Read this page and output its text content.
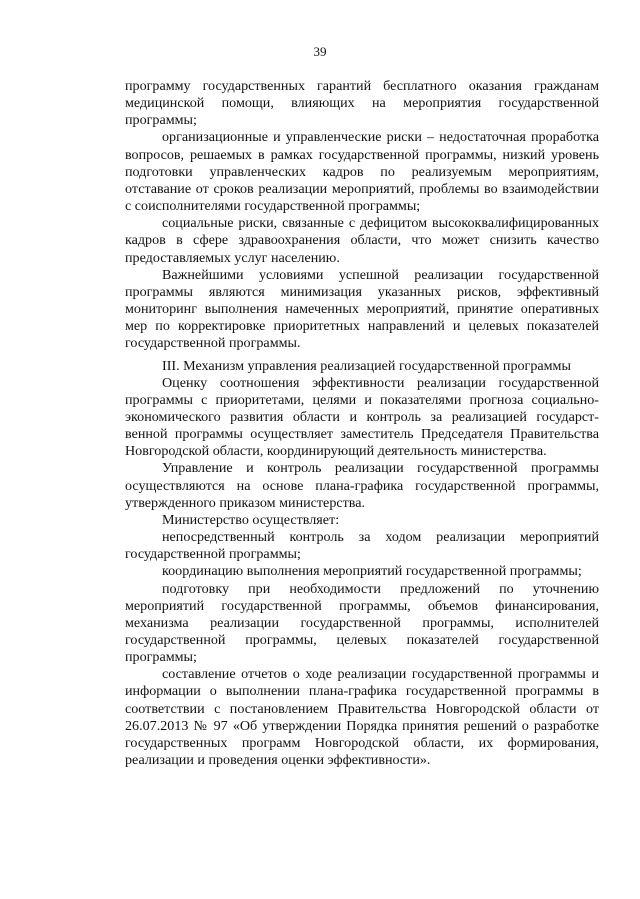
39

программу государственных гарантий бесплатного оказания гражданам медицинской помощи, влияющих на мероприятия государственной программы;

организационные и управленческие риски – недостаточная проработка вопросов, решаемых в рамках государственной программы, низкий уровень подготовки управленческих кадров по реализуемым мероприятиям, отставание от сроков реализации мероприятий, проблемы во взаимодействии с соисполнителями государственной программы;

социальные риски, связанные с дефицитом высококвалифицированных кадров в сфере здравоохранения области, что может снизить качество предоставляемых услуг населению.

Важнейшими условиями успешной реализации государственной программы являются минимизация указанных рисков, эффективный мониторинг выполнения намеченных мероприятий, принятие оперативных мер по корректировке приоритетных направлений и целевых показателей государственной программы.

III. Механизм управления реализацией государственной программы

Оценку соотношения эффективности реализации государственной программы с приоритетами, целями и показателями прогноза социально-экономического развития области и контроль за реализацией государст-венной программы осуществляет заместитель Председателя Правительства Новгородской области, координирующий деятельность министерства.

Управление и контроль реализации государственной программы осуществляются на основе плана-графика государственной программы, утвержденного приказом министерства.

Министерство осуществляет:

непосредственный контроль за ходом реализации мероприятий государственной программы;

координацию выполнения мероприятий государственной программы;

подготовку при необходимости предложений по уточнению мероприятий государственной программы, объемов финансирования, механизма реализации государственной программы, исполнителей государственной программы, целевых показателей государственной программы;

составление отчетов о ходе реализации государственной программы и информации о выполнении плана-графика государственной программы в соответствии с постановлением Правительства Новгородской области от 26.07.2013 № 97 «Об утверждении Порядка принятия решений о разработке государственных программ Новгородской области, их формирования, реализации и проведения оценки эффективности».
